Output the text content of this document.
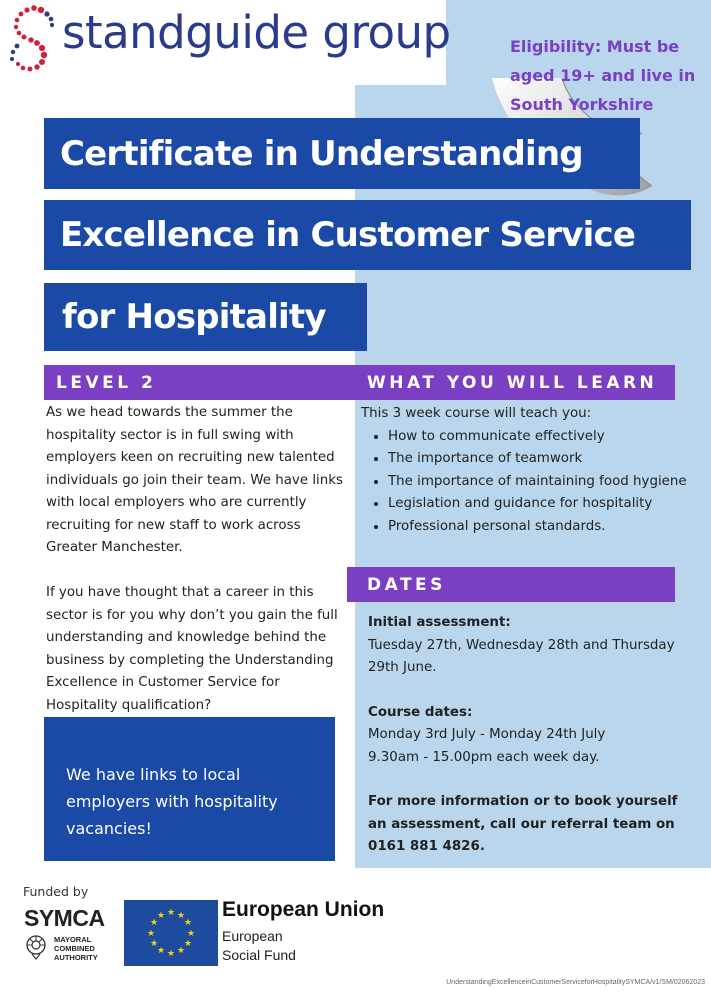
standguide group	Eligibility: Must be aged 19+ and live in South Yorkshire
Certificate in Understanding
Excellence in Customer Service
for Hospitality
LEVEL 2	WHAT YOU WILL LEARN
As we head towards the summer the hospitality sector is in full swing with employers keen on recruiting new talented individuals go join their team. We have links with local employers who are currently recruiting for new staff to work across Greater Manchester.
If you have thought that a career in this sector is for you why don’t you gain the full understanding and knowledge behind the business by completing the Understanding Excellence in Customer Service for Hospitality qualification?
This 3 week course will teach you:
• How to communicate effectively
• The importance of teamwork
• The importance of maintaining food hygiene
• Legislation and guidance for hospitality
• Professional personal standards.
DATES

Initial assessment:

Tuesday 27th, Wednesday 28th and Thursday 29th June.

Course dates:

Monday 3rd July - Monday 24th July

9.30am - 15.00pm each week day.

For more information or to book yourself an assessment, call our referral team on 0161 881 4826.

We have links to local employers with hospitality vacancies!
Funded by
SYMCA
MAYORAL
COMBINED
AUTHORITY
★ ★
★
★
★
★
★
★
★
★
★
★	European Union
European
Social Fund
UnderstandingExcellenceinCustomerServiceforHospitalitySYMCA/v1/SM/02062023
